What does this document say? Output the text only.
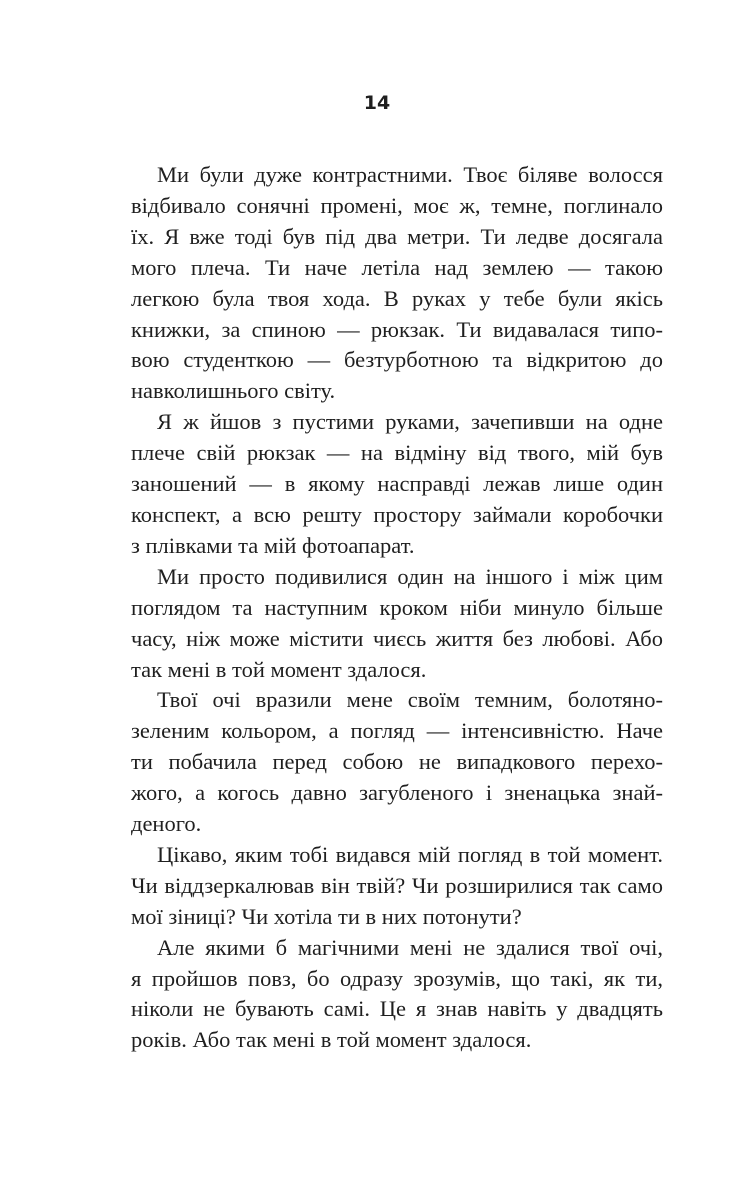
14

Ми були дуже контрастними. Твоє біляве волосся
відбивало сонячні промені, моє ж, темне, поглинало
їх. Я вже тоді був під два метри. Ти ледве досягала
мого плеча. Ти наче летіла над землею — такою
легкою була твоя хода. В руках у тебе були якісь
книжки, за спиною — рюкзак. Ти видавалася типо-
вою студенткою — безтурботною та відкритою до
навколишнього світу.

Я ж йшов з пустими руками, зачепивши на одне
плече свій рюкзак — на відміну від твого, мій був
заношений — в якому насправді лежав лише один
конспект, а всю решту простору займали коробочки
з плівками та мій фотоапарат.

Ми просто подивилися один на іншого і між цим
поглядом та наступним кроком ніби минуло більше
часу, ніж може містити чиєсь життя без любові. Або
так мені в той момент здалося.

Твої очі вразили мене своїм темним, болотяно-
зеленим кольором, а погляд — інтенсивністю. Наче
ти побачила перед собою не випадкового перехо-
жого, а когось давно загубленого і зненацька знай-
деного.

Цікаво, яким тобі видався мій погляд в той момент.
Чи віддзеркалював він твій? Чи розширилися так само
мої зіниці? Чи хотіла ти в них потонути?

Але якими б магічними мені не здалися твої очі,
я пройшов повз, бо одразу зрозумів, що такі, як ти,
ніколи не бувають самі. Це я знав навіть у двадцять
років. Або так мені в той момент здалося.
